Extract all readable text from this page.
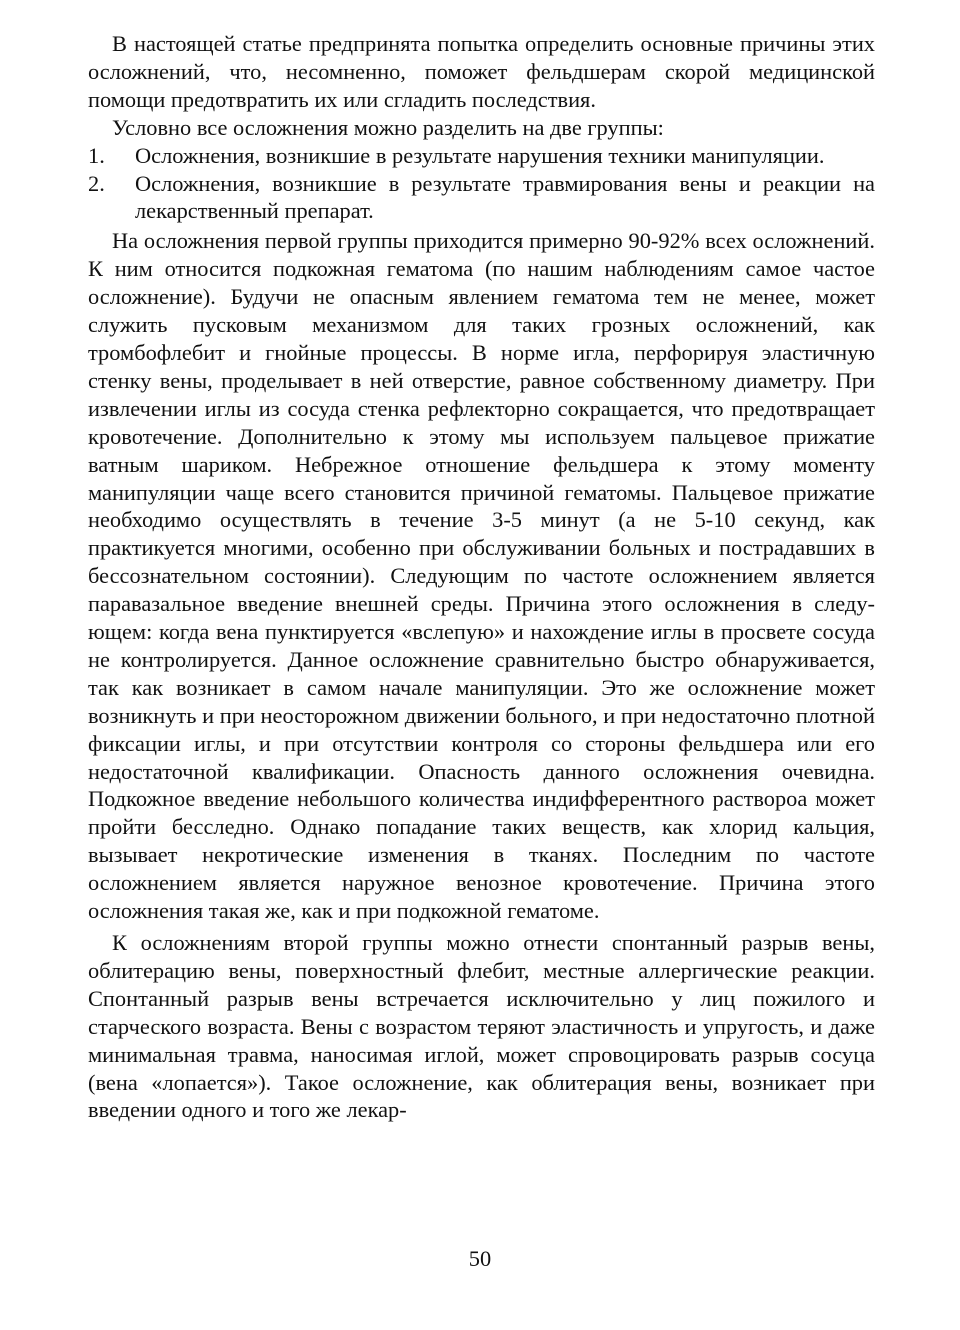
В настоящей статье предпринята попытка определить основные причины этих осложнений, что, несомненно, поможет фельдшерам скорой медицинской помощи предотвратить их или сгладить последствия.

Условно все осложнения можно разделить на две группы:

1. Осложнения, возникшие в результате нарушения техники манипуляции.
2. Осложнения, возникшие в результате травмирования вены и реакции на лекарственный препарат.

На осложнения первой группы приходится примерно 90-92% всех осложнений. К ним относится подкожная гематома (по нашим наблюдениям самое частое осложнение). Будучи не опасным явлением гематома тем не менее, может служить пусковым механизмом для таких грозных осложнений, как тромбофлебит и гнойные процессы. В норме игла, перфорируя эластичную стенку вены, проделывает в ней отверстие, равное собственному диаметру. При извлечении иглы из сосуда стенка рефлекторно сокращается, что предотвращает кровотечение. Дополнительно к этому мы используем пальцевое прижатие ватным шариком. Небрежное отношение фельдшера к этому моменту манипуляции чаще всего становится причиной гематомы. Пальцевое прижатие необходимо осуществлять в течение 3-5 минут (а не 5-10 секунд, как практикуется многими, особенно при обслуживании больных и пострадавших в бессознательном состоянии). Следующим по частоте осложнением является паравазальное введение внешней среды. Причина этого осложнения в следующем: когда вена пунктируется «вслепую» и нахождение иглы в просвете сосуда не контролируется. Данное осложнение сравнительно быстро обнаруживается, так как возникает в самом начале манипуляции. Это же осложнение может возникнуть и при неосторожном движении больного, и при недостаточно плотной фиксации иглы, и при отсутствии контроля со стороны фельдшера или его недостаточной квалификации. Опасность данного осложнения очевидна. Подкожное введение небольшого количества индифферентного раствороа может пройти бесследно. Однако попадание таких веществ, как хлорид кальция, вызывает некротические изменения в тканях. Последним по частоте осложнением является наружное венозное кровотечение. Причина этого осложнения такая же, как и при подкожной гематоме.

К осложнениям второй группы можно отнести спонтанный разрыв вены, облитерацию вены, поверхностный флебит, местные аллергические реакции. Спонтанный разрыв вены встречается исключительно у лиц пожилого и старческого возраста. Вены с возрастом теряют эластичность и упругость, и даже минимальная травма, наносимая иглой, может спровоцировать разрыв сосуца (вена «лопается»). Такое осложнение, как облитерация вены, возникает при введении одного и того же лекар-

50
